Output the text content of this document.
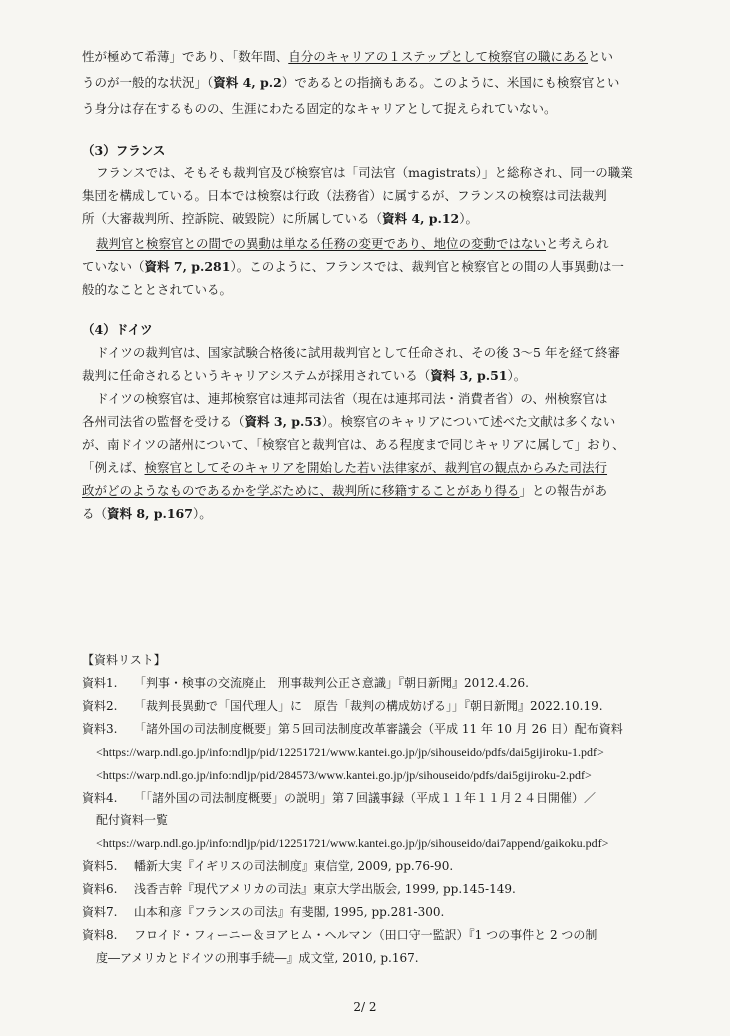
性が極めて希薄」であり、「数年間、自分のキャリアの１ステップとして検察官の職にあるとい
うのが一般的な状況」（資料 4, p.2）であるとの指摘もある。このように、米国にも検察官とい
う身分は存在するものの、生涯にわたる固定的なキャリアとして捉えられていない。
（3）フランス
フランスでは、そもそも裁判官及び検察官は「司法官（magistrats）」と総称され、同一の職業
集団を構成している。日本では検察は行政（法務省）に属するが、フランスの検察は司法裁判
所（大審裁判所、控訴院、破毀院）に所属している（資料 4, p.12）。
裁判官と検察官との間での異動は単なる任務の変更であり、地位の変動ではないと考えられ
ていない（資料 7, p.281）。このように、フランスでは、裁判官と検察官との間の人事異動は一
般的なこととされている。
（4）ドイツ
ドイツの裁判官は、国家試験合格後に試用裁判官として任命され、その後 3～5 年を経て終審
裁判に任命されるというキャリアシステムが採用されている（資料 3, p.51）。
ドイツの検察官は、連邦検察官は連邦司法省（現在は連邦司法・消費者省）の、州検察官は
各州司法省の監督を受ける（資料 3, p.53）。検察官のキャリアについて述べた文献は多くない
が、南ドイツの諸州について、「検察官と裁判官は、ある程度まで同じキャリアに属して」おり、
「例えば、検察官としてそのキャリアを開始した若い法律家が、裁判官の観点からみた司法行
政がどのようなものであるかを学ぶために、裁判所に移籍することがあり得る」との報告があ
る（資料 8, p.167）。
【資料リスト】
資料1.	「判事・検事の交流廃止　刑事裁判公正さ意識」『朝日新聞』2012.4.26.
資料2.	「裁判長異動で「国代理人」に　原告「裁判の構成妨げる」」『朝日新聞』2022.10.19.
資料3.	「諸外国の司法制度概要」第５回司法制度改革審議会（平成 11 年 10 月 26 日）配布資料
<https://warp.ndl.go.jp/info:ndljp/pid/12251721/www.kantei.go.jp/jp/sihouseido/pdfs/dai5gijiroku-1.pdf>
<https://warp.ndl.go.jp/info:ndljp/pid/284573/www.kantei.go.jp/jp/sihouseido/pdfs/dai5gijiroku-2.pdf>
資料4.	「「諸外国の司法制度概要」の説明」第７回議事録（平成１１年１１月２４日開催）／
配付資料一覧
<https://warp.ndl.go.jp/info:ndljp/pid/12251721/www.kantei.go.jp/jp/sihouseido/dai7append/gaikoku.pdf>
資料5.	幡新大実『イギリスの司法制度』東信堂, 2009, pp.76-90.
資料6.	浅香吉幹『現代アメリカの司法』東京大学出版会, 1999, pp.145-149.
資料7.	山本和彦『フランスの司法』有斐閣, 1995, pp.281-300.
資料8.	フロイド・フィーニー＆ヨアヒム・ヘルマン（田口守一監訳）『1 つの事件と 2 つの制
度―アメリカとドイツの刑事手続―』成文堂, 2010, p.167.
2/ 2
